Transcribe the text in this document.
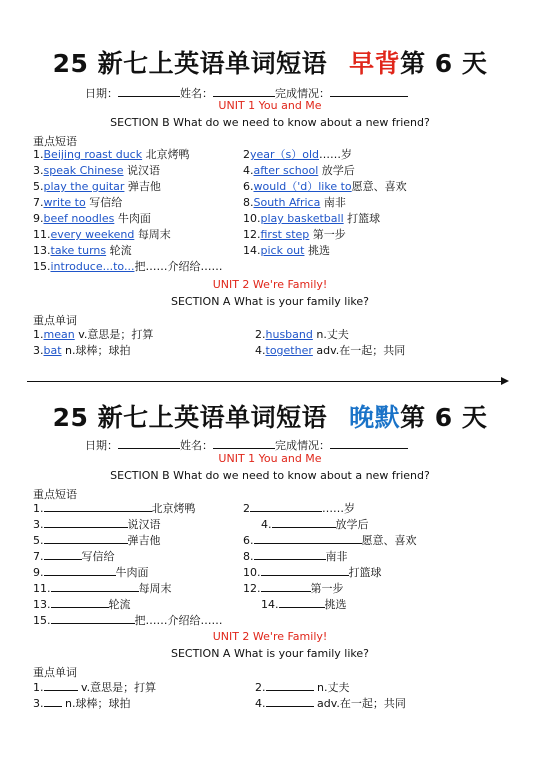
25 新七上英语单词短语 早背第 6 天
日期：	姓名：	完成情况：
UNIT 1 You and Me
SECTION B What do we need to know about a new friend?
重点短语
1.Beijing roast duck 北京烤鸭	2year（s）old……岁
3.speak Chinese 说汉语	4.after school 放学后
5.play the guitar 弹吉他	6.would（'d）like to愿意、喜欢
7.write to 写信给	8.South Africa 南非
9.beef noodles 牛肉面	10.play basketball 打篮球
11.every weekend 每周末	12.first step 第一步
13.take turns 轮流	14.pick out 挑选
15.introduce...to...把……介绍给……
UNIT 2 We're Family!
SECTION A What is your family like?
重点单词
1.mean v.意思是；打算	2.husband n.丈夫
3.bat n.球棒；球拍	4.together adv.在一起；共同
25 新七上英语单词短语 晚默第 6 天
日期：	姓名：	完成情况：
UNIT 1 You and Me
SECTION B What do we need to know about a new friend?
重点短语
1.	北京烤鸭	2	……岁
3.	说汉语	4.	放学后
5.	弹吉他	6.	愿意、喜欢
7.	写信给	8.	南非
9.	牛肉面	10.	打篮球
11.	每周末	12.	第一步
13.	轮流	14.	挑选
15.	把……介绍给……
UNIT 2 We're Family!
SECTION A What is your family like?
重点单词
1.	v.意思是；打算	2.	n.丈夫
3. n.球棒；球拍	4.	adv.在一起；共同
